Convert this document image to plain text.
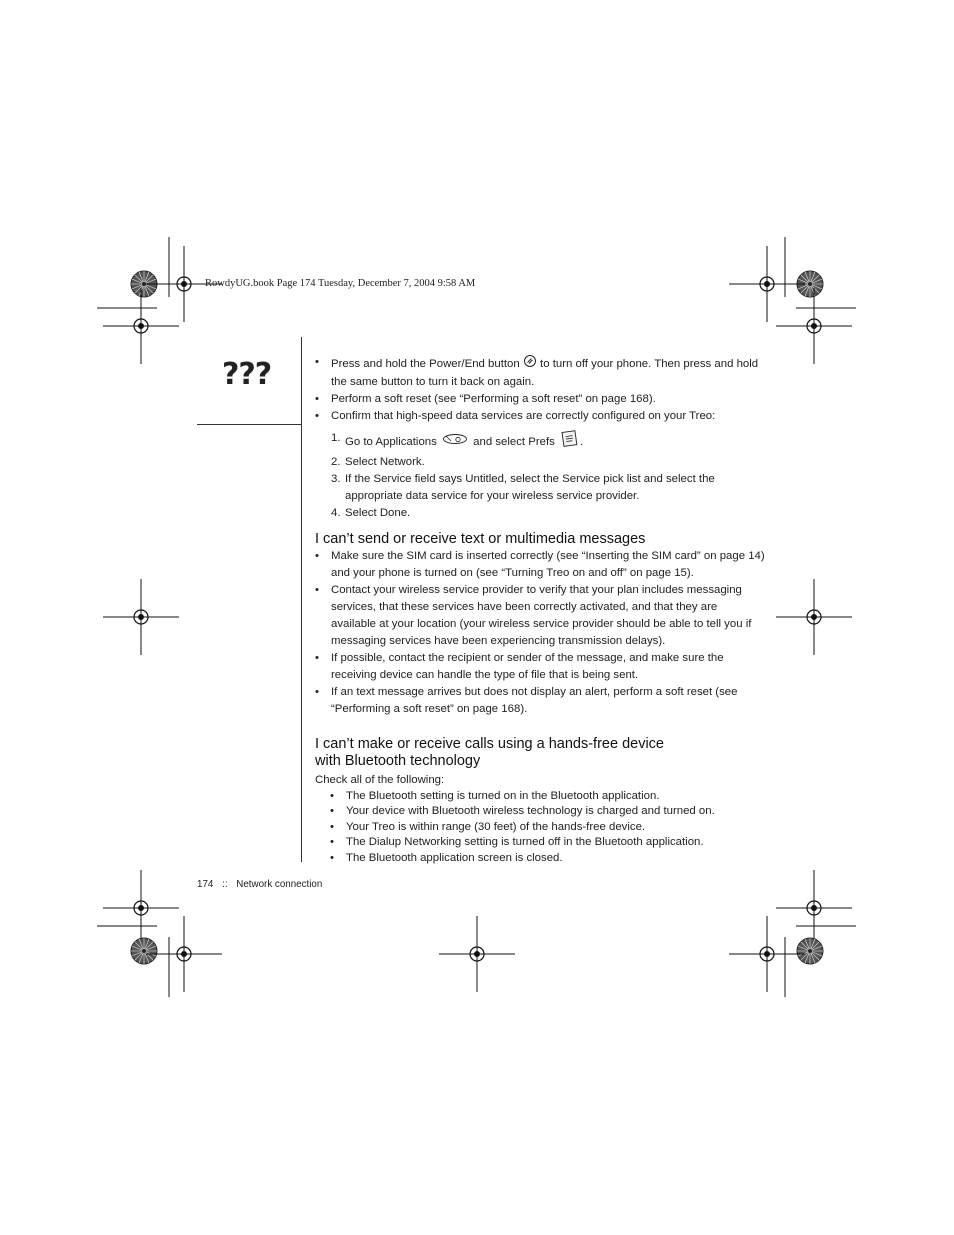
RowdyUG.book Page 174 Tuesday, December 7, 2004 9:58 AM
???
•	Press and hold the Power/End button to turn off your phone. Then press and hold the same button to turn it back on again.
• Perform a soft reset (see “Performing a soft reset” on page 168).
• Confirm that high-speed data services are correctly configured on your Treo:
1. Go to Applications	and select Prefs .
2. Select Network.
3. If the Service field says Untitled, select the Service pick list and select the appropriate data service for your wireless service provider.
4. Select Done.
I can’t send or receive text or multimedia messages
• Make sure the SIM card is inserted correctly (see “Inserting the SIM card” on page 14) and your phone is turned on (see “Turning Treo on and off” on page 15).
• Contact your wireless service provider to verify that your plan includes messaging services, that these services have been correctly activated, and that they are available at your location (your wireless service provider should be able to tell you if messaging services have been experiencing transmission delays).
• If possible, contact the recipient or sender of the message, and make sure the receiving device can handle the type of file that is being sent.
• If an text message arrives but does not display an alert, perform a soft reset (see “Performing a soft reset” on page 168).
I can’t make or receive calls using a hands-free device
with Bluetooth technology
Check all of the following:
• The Bluetooth setting is turned on in the Bluetooth application.
• Your device with Bluetooth wireless technology is charged and turned on.
• Your Treo is within range (30 feet) of the hands-free device.
• The Dialup Networking setting is turned off in the Bluetooth application.
• The Bluetooth application screen is closed.
174 :: Network connection
